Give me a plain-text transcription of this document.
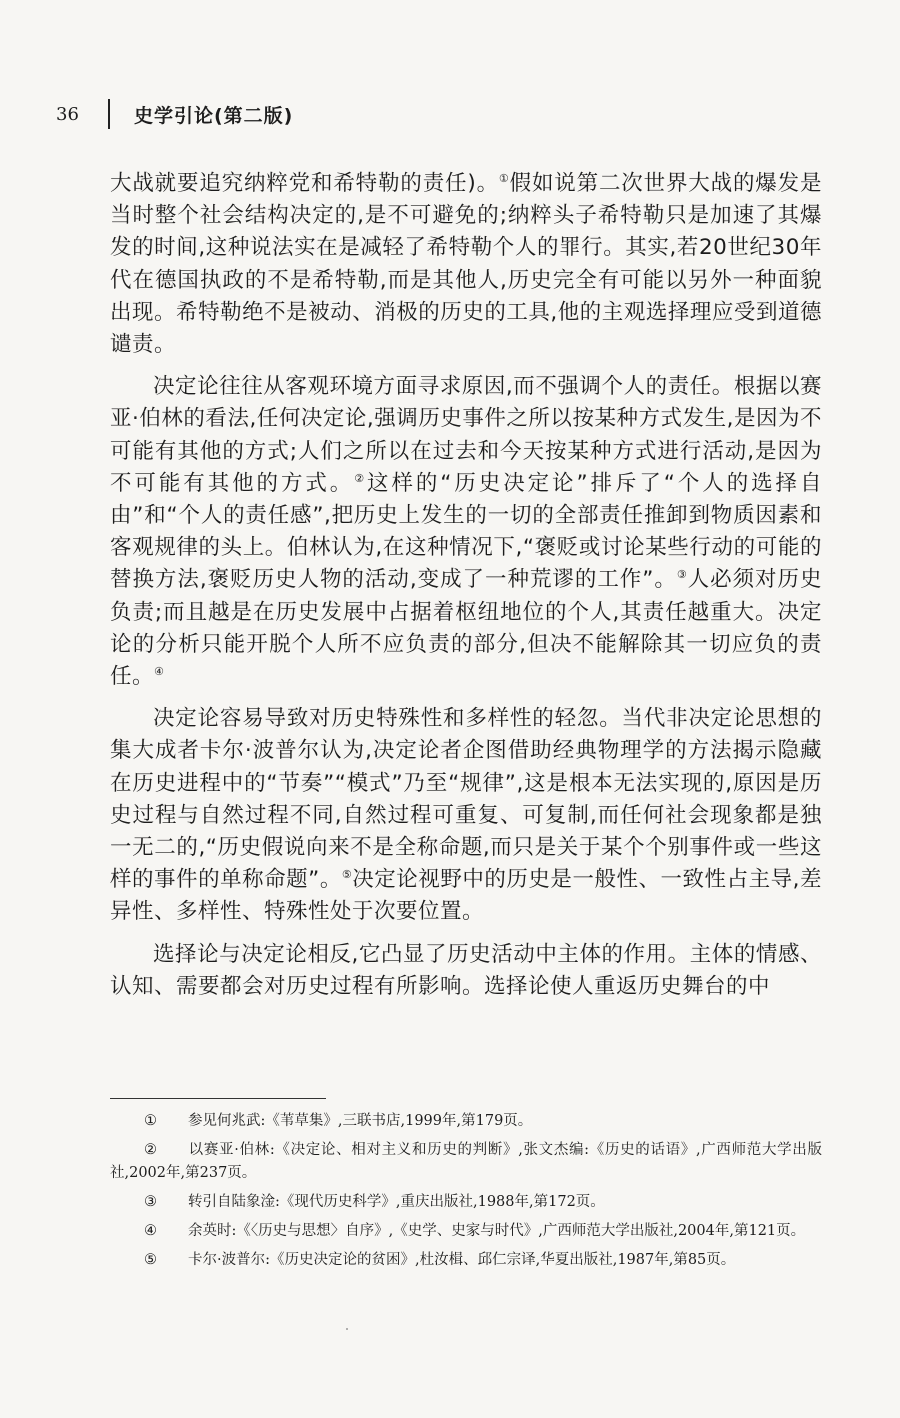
36	史学引论(第二版)

大战就要追究纳粹党和希特勒的责任)。①假如说第二次世界大战的爆发是当时整个社会结构决定的,是不可避免的;纳粹头子希特勒只是加速了其爆发的时间,这种说法实在是减轻了希特勒个人的罪行。其实,若20世纪30年代在德国执政的不是希特勒,而是其他人,历史完全有可能以另外一种面貌出现。希特勒绝不是被动、消极的历史的工具,他的主观选择理应受到道德谴责。

决定论往往从客观环境方面寻求原因,而不强调个人的责任。根据以赛亚·伯林的看法,任何决定论,强调历史事件之所以按某种方式发生,是因为不可能有其他的方式;人们之所以在过去和今天按某种方式进行活动,是因为不可能有其他的方式。②这样的“历史决定论”排斥了“个人的选择自由”和“个人的责任感”,把历史上发生的一切的全部责任推卸到物质因素和客观规律的头上。伯林认为,在这种情况下,“褒贬或讨论某些行动的可能的替换方法,褒贬历史人物的活动,变成了一种荒谬的工作”。③人必须对历史负责;而且越是在历史发展中占据着枢纽地位的个人,其责任越重大。决定论的分析只能开脱个人所不应负责的部分,但决不能解除其一切应负的责任。④

决定论容易导致对历史特殊性和多样性的轻忽。当代非决定论思想的集大成者卡尔·波普尔认为,决定论者企图借助经典物理学的方法揭示隐藏在历史进程中的“节奏”“模式”乃至“规律”,这是根本无法实现的,原因是历史过程与自然过程不同,自然过程可重复、可复制,而任何社会现象都是独一无二的,“历史假说向来不是全称命题,而只是关于某个个别事件或一些这样的事件的单称命题”。⑤决定论视野中的历史是一般性、一致性占主导,差异性、多样性、特殊性处于次要位置。

选择论与决定论相反,它凸显了历史活动中主体的作用。主体的情感、认知、需要都会对历史过程有所影响。选择论使人重返历史舞台的中

① 参见何兆武:《苇草集》,三联书店,1999年,第179页。

② 以赛亚·伯林:《决定论、相对主义和历史的判断》,张文杰编:《历史的话语》,广西师范大学出版社,2002年,第237页。

③ 转引自陆象淦:《现代历史科学》,重庆出版社,1988年,第172页。

④ 余英时:《〈历史与思想〉自序》,《史学、史家与时代》,广西师范大学出版社,2004年,第121页。

⑤ 卡尔·波普尔:《历史决定论的贫困》,杜汝楫、邱仁宗译,华夏出版社,1987年,第85页。
